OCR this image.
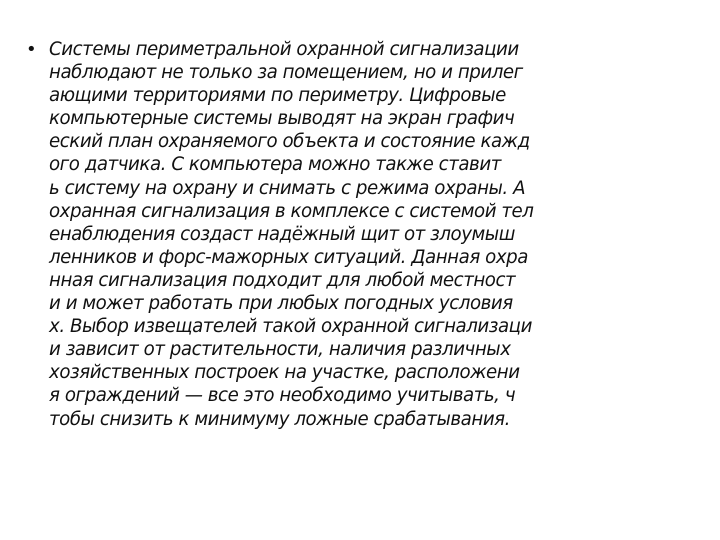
• Системы периметральной охранной сигнализации
наблюдают не только за помещением, но и прилег
ающими территориями по периметру. Цифровые
компьютерные системы выводят на экран графич
еский план охраняемого объекта и состояние кажд
ого датчика. С компьютера можно также ставит
ь систему на охрану и снимать с режима охраны. А
охранная сигнализация в комплексе с системой тел
енаблюдения создаст надёжный щит от злоумыш
ленников и форс-мажорных ситуаций. Данная охра
нная сигнализация подходит для любой местност
и и может работать при любых погодных условия
х. Выбор извещателей такой охранной сигнализаци
и зависит от растительности, наличия различных
хозяйственных построек на участке, расположени
я ограждений — все это необходимо учитывать, ч
тобы снизить к минимуму ложные срабатывания.
